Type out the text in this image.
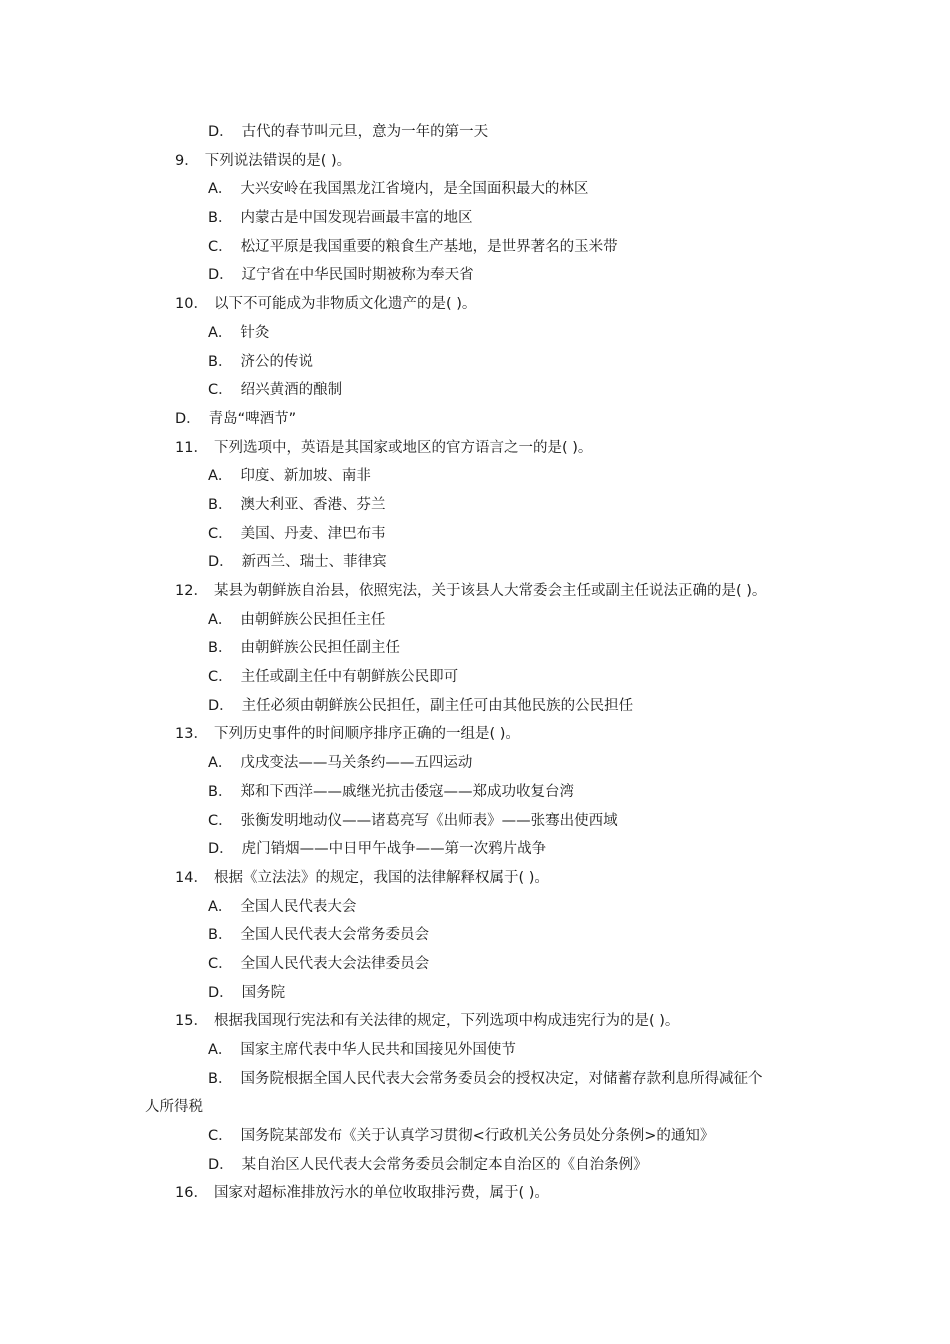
D． 古代的春节叫元旦，意为一年的第一天
9． 下列说法错误的是( )。
A． 大兴安岭在我国黑龙江省境内，是全国面积最大的林区
B． 内蒙古是中国发现岩画最丰富的地区
C． 松辽平原是我国重要的粮食生产基地，是世界著名的玉米带
D． 辽宁省在中华民国时期被称为奉天省
10． 以下不可能成为非物质文化遗产的是( )。
A． 针灸
B． 济公的传说
C． 绍兴黄酒的酿制
D． 青岛“啤酒节”
11． 下列选项中，英语是其国家或地区的官方语言之一的是( )。
A． 印度、新加坡、南非
B． 澳大利亚、香港、芬兰
C． 美国、丹麦、津巴布韦
D． 新西兰、瑞士、菲律宾
12． 某县为朝鲜族自治县，依照宪法，关于该县人大常委会主任或副主任说法正确的是( )。
A． 由朝鲜族公民担任主任
B． 由朝鲜族公民担任副主任
C． 主任或副主任中有朝鲜族公民即可
D． 主任必须由朝鲜族公民担任，副主任可由其他民族的公民担任
13． 下列历史事件的时间顺序排序正确的一组是( )。
A． 戊戌变法——马关条约——五四运动
B． 郑和下西洋——戚继光抗击倭寇——郑成功收复台湾
C． 张衡发明地动仪——诸葛亮写《出师表》——张骞出使西域
D． 虎门销烟——中日甲午战争——第一次鸦片战争
14． 根据《立法法》的规定，我国的法律解释权属于( )。
A． 全国人民代表大会
B． 全国人民代表大会常务委员会
C． 全国人民代表大会法律委员会
D． 国务院
15． 根据我国现行宪法和有关法律的规定，下列选项中构成违宪行为的是( )。
A． 国家主席代表中华人民共和国接见外国使节
B． 国务院根据全国人民代表大会常务委员会的授权决定，对储蓄存款利息所得减征个
人所得税
C． 国务院某部发布《关于认真学习贯彻<行政机关公务员处分条例>的通知》
D． 某自治区人民代表大会常务委员会制定本自治区的《自治条例》
16． 国家对超标准排放污水的单位收取排污费，属于( )。
